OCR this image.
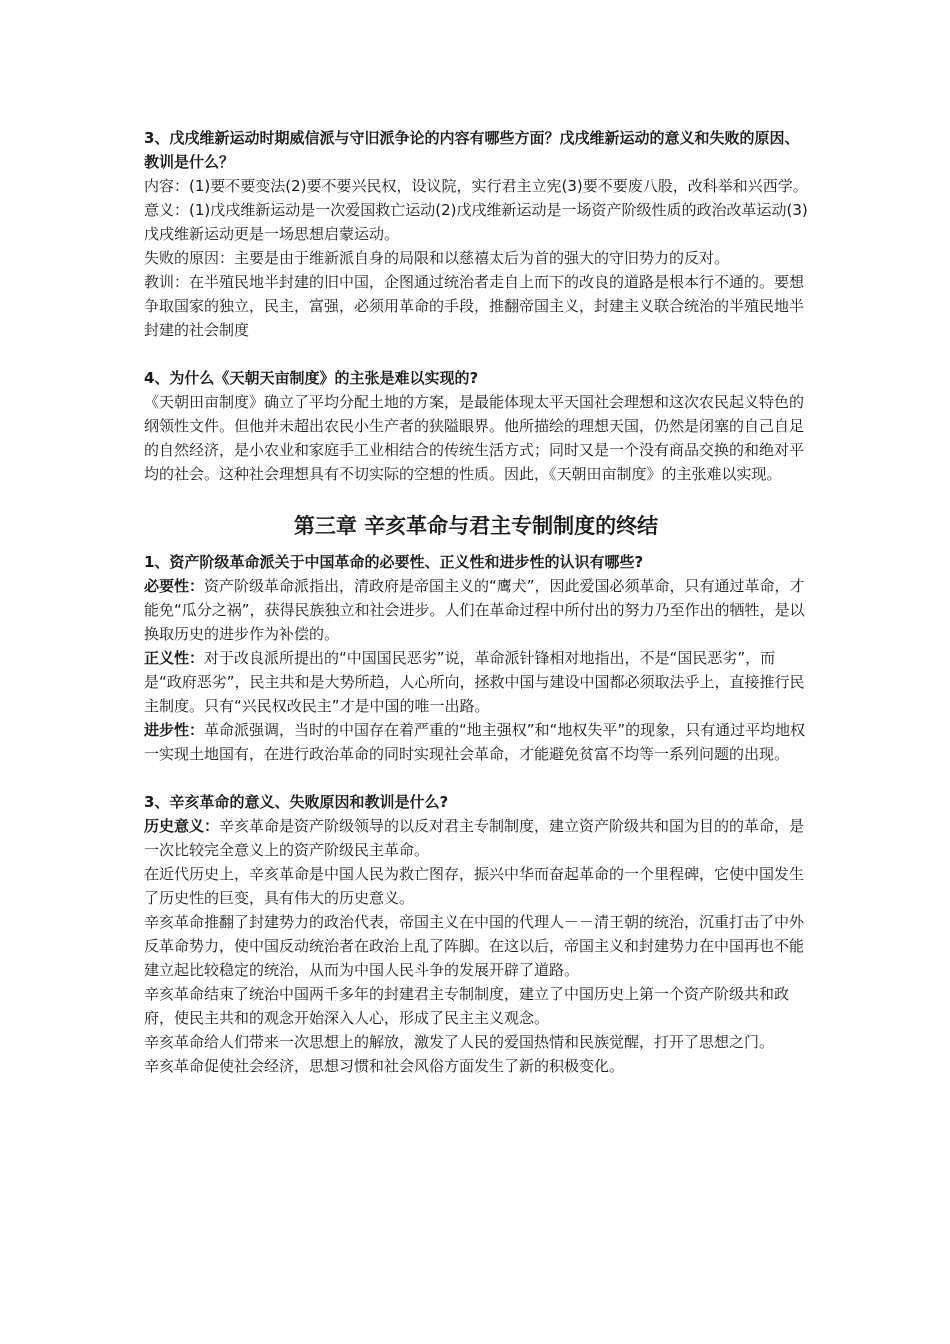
3、戊戌维新运动时期威信派与守旧派争论的内容有哪些方面？戊戌维新运动的意义和失败的原因、教训是什么？

内容：(1)要不要变法(2)要不要兴民权，设议院，实行君主立宪(3)要不要废八股，改科举和兴西学。

意义：(1)戊戌维新运动是一次爱国救亡运动(2)戊戌维新运动是一场资产阶级性质的政治改革运动(3)戊戌维新运动更是一场思想启蒙运动。

失败的原因：主要是由于维新派自身的局限和以慈禧太后为首的强大的守旧势力的反对。

教训：在半殖民地半封建的旧中国，企图通过统治者走自上而下的改良的道路是根本行不通的。要想争取国家的独立，民主，富强，必须用革命的手段，推翻帝国主义，封建主义联合统治的半殖民地半封建的社会制度

4、为什么《天朝天亩制度》的主张是难以实现的?

《天朝田亩制度》确立了平均分配土地的方案，是最能体现太平天国社会理想和这次农民起义特色的纲领性文件。但他并未超出农民小生产者的狭隘眼界。他所描绘的理想天国，仍然是闭塞的自己自足的自然经济，是小农业和家庭手工业相结合的传统生活方式；同时又是一个没有商品交换的和绝对平均的社会。这种社会理想具有不切实际的空想的性质。因此，《天朝田亩制度》的主张难以实现。

第三章 辛亥革命与君主专制制度的终结

1、资产阶级革命派关于中国革命的必要性、正义性和进步性的认识有哪些?

必要性：资产阶级革命派指出，清政府是帝国主义的“鹰犬”，因此爱国必须革命，只有通过革命，才能免“瓜分之祸”，获得民族独立和社会进步。人们在革命过程中所付出的努力乃至作出的牺牲，是以换取历史的进步作为补偿的。

正义性：对于改良派所提出的“中国国民恶劣”说，革命派针锋相对地指出，不是“国民恶劣”，而是“政府恶劣”，民主共和是大势所趋，人心所向，拯救中国与建设中国都必须取法乎上，直接推行民主制度。只有“兴民权改民主”才是中国的唯一出路。

进步性：革命派强调，当时的中国存在着严重的“地主强权”和“地权失平”的现象，只有通过平均地权一实现土地国有，在进行政治革命的同时实现社会革命，才能避免贫富不均等一系列问题的出现。

3、辛亥革命的意义、失败原因和教训是什么?

历史意义：辛亥革命是资产阶级领导的以反对君主专制制度，建立资产阶级共和国为目的的革命，是一次比较完全意义上的资产阶级民主革命。

在近代历史上，辛亥革命是中国人民为救亡图存，振兴中华而奋起革命的一个里程碑，它使中国发生了历史性的巨变，具有伟大的历史意义。

辛亥革命推翻了封建势力的政治代表，帝国主义在中国的代理人－－清王朝的统治，沉重打击了中外反革命势力，使中国反动统治者在政治上乱了阵脚。在这以后，帝国主义和封建势力在中国再也不能建立起比较稳定的统治，从而为中国人民斗争的发展开辟了道路。

辛亥革命结束了统治中国两千多年的封建君主专制制度，建立了中国历史上第一个资产阶级共和政府，使民主共和的观念开始深入人心，形成了民主主义观念。

辛亥革命给人们带来一次思想上的解放，激发了人民的爱国热情和民族觉醒，打开了思想之门。

辛亥革命促使社会经济，思想习惯和社会风俗方面发生了新的积极变化。
